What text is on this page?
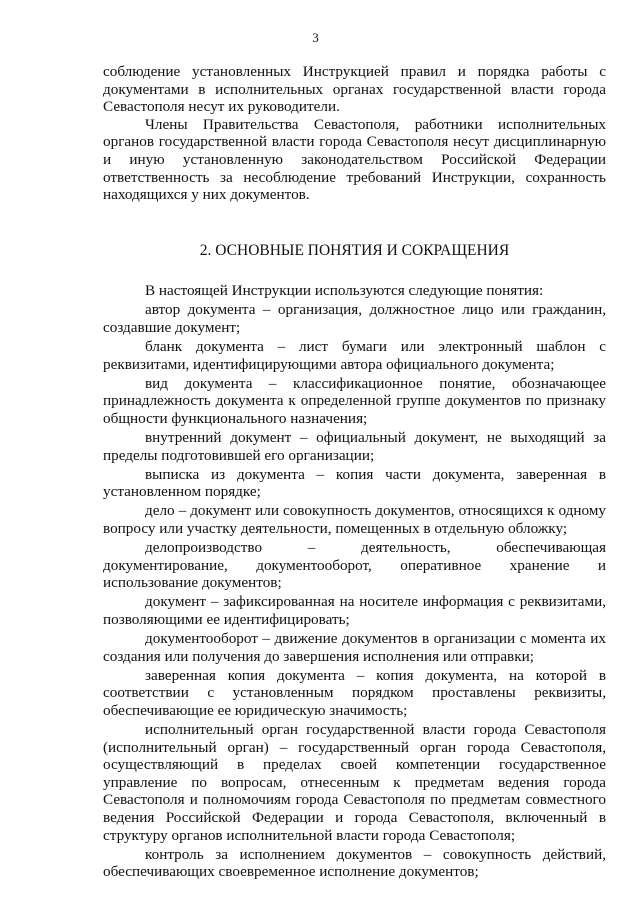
3

соблюдение установленных Инструкцией правил и порядка работы с документами в исполнительных органах государственной власти города Севастополя несут их руководители.

Члены Правительства Севастополя, работники исполнительных органов государственной власти города Севастополя несут дисциплинарную и иную установленную законодательством Российской Федерации ответственность за несоблюдение требований Инструкции, сохранность находящихся у них документов.

2. ОСНОВНЫЕ ПОНЯТИЯ И СОКРАЩЕНИЯ

В настоящей Инструкции используются следующие понятия:

автор документа – организация, должностное лицо или гражданин, создавшие документ;

бланк документа – лист бумаги или электронный шаблон с реквизитами, идентифицирующими автора официального документа;

вид документа – классификационное понятие, обозначающее принадлежность документа к определенной группе документов по признаку общности функционального назначения;

внутренний документ – официальный документ, не выходящий за пределы подготовившей его организации;

выписка из документа – копия части документа, заверенная в установленном порядке;

дело – документ или совокупность документов, относящихся к одному вопросу или участку деятельности, помещенных в отдельную обложку;

делопроизводство – деятельность, обеспечивающая документирование, документооборот, оперативное хранение и использование документов;

документ – зафиксированная на носителе информация с реквизитами, позволяющими ее идентифицировать;

документооборот – движение документов в организации с момента их создания или получения до завершения исполнения или отправки;

заверенная копия документа – копия документа, на которой в соответствии с установленным порядком проставлены реквизиты, обеспечивающие ее юридическую значимость;

исполнительный орган государственной власти города Севастополя (исполнительный орган) – государственный орган города Севастополя, осуществляющий в пределах своей компетенции государственное управление по вопросам, отнесенным к предметам ведения города Севастополя и полномочиям города Севастополя по предметам совместного ведения Российской Федерации и города Севастополя, включенный в структуру органов исполнительной власти города Севастополя;

контроль за исполнением документов – совокупность действий, обеспечивающих своевременное исполнение документов;
